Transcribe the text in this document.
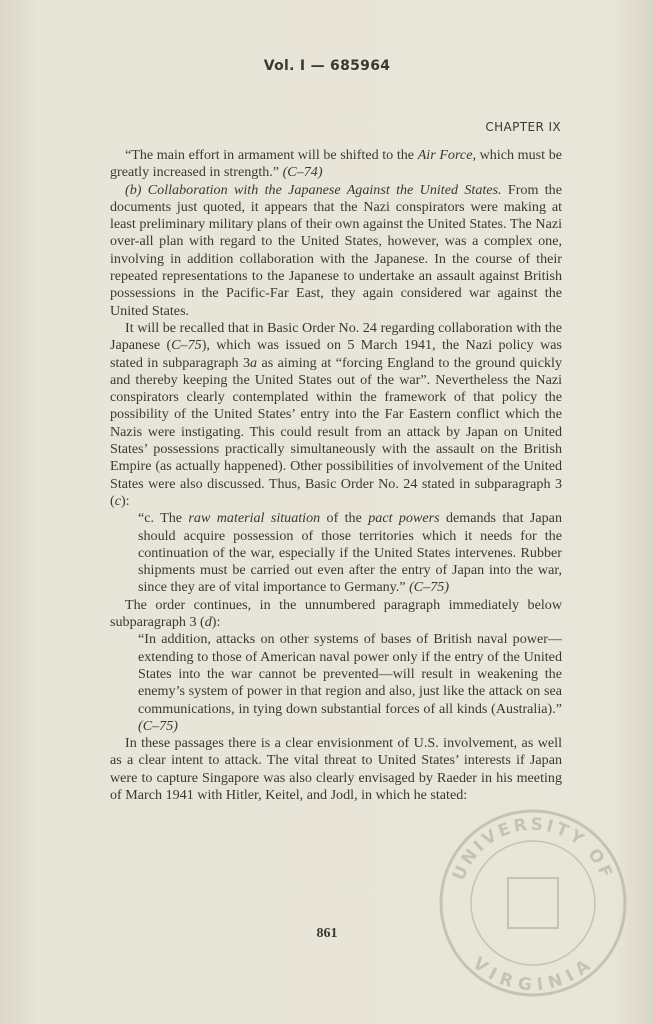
Vol. I — 685964
CHAPTER IX

“The main effort in armament will be shifted to the Air Force, which must be greatly increased in strength.” (C–74)

(b) Collaboration with the Japanese Against the United States. From the documents just quoted, it appears that the Nazi conspirators were making at least preliminary military plans of their own against the United States. The Nazi over-all plan with regard to the United States, however, was a complex one, involving in addition collaboration with the Japanese. In the course of their repeated representations to the Japanese to undertake an assault against British possessions in the Pacific-Far East, they again considered war against the United States.

It will be recalled that in Basic Order No. 24 regarding collaboration with the Japanese (C–75), which was issued on 5 March 1941, the Nazi policy was stated in subparagraph 3a as aiming at “forcing England to the ground quickly and thereby keeping the United States out of the war”. Nevertheless the Nazi conspirators clearly contemplated within the framework of that policy the possibility of the United States’ entry into the Far Eastern conflict which the Nazis were instigating. This could result from an attack by Japan on United States’ possessions practically simultaneously with the assault on the British Empire (as actually happened). Other possibilities of involvement of the United States were also discussed. Thus, Basic Order No. 24 stated in subparagraph 3 (c):

“c. The raw material situation of the pact powers demands that Japan should acquire possession of those territories which it needs for the continuation of the war, especially if the United States intervenes. Rubber shipments must be carried out even after the entry of Japan into the war, since they are of vital importance to Germany.” (C–75)

The order continues, in the unnumbered paragraph immediately below subparagraph 3 (d):

“In addition, attacks on other systems of bases of British naval power—extending to those of American naval power only if the entry of the United States into the war cannot be prevented—will result in weakening the enemy’s system of power in that region and also, just like the attack on sea communications, in tying down substantial forces of all kinds (Australia).” (C–75)

In these passages there is a clear envisionment of U.S. involvement, as well as a clear intent to attack. The vital threat to United States’ interests if Japan were to capture Singapore was also clearly envisaged by Raeder in his meeting of March 1941 with Hitler, Keitel, and Jodl, in which he stated:

861
UNIVERSITY OF
VIRGINIA
